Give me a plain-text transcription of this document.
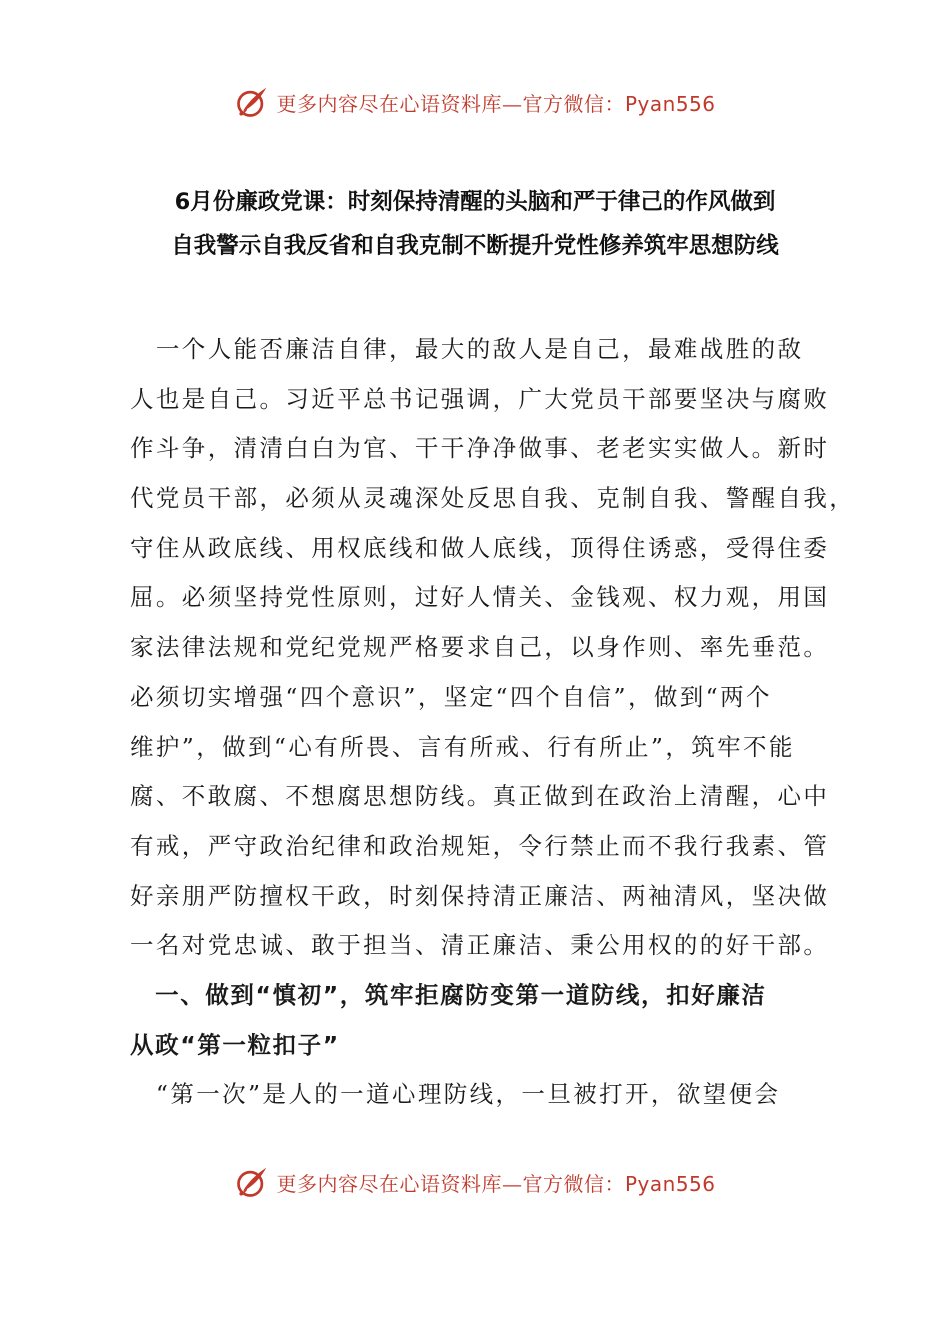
更多内容尽在心语资料库—官方微信：Pyan556
6月份廉政党课：时刻保持清醒的头脑和严于律己的作风做到
自我警示自我反省和自我克制不断提升党性修养筑牢思想防线
　一个人能否廉洁自律，最大的敌人是自己，最难战胜的敌
人也是自己。习近平总书记强调，广大党员干部要坚决与腐败
作斗争，清清白白为官、干干净净做事、老老实实做人。新时
代党员干部，必须从灵魂深处反思自我、克制自我、警醒自我，
守住从政底线、用权底线和做人底线，顶得住诱惑，受得住委
屈。必须坚持党性原则，过好人情关、金钱观、权力观，用国
家法律法规和党纪党规严格要求自己，以身作则、率先垂范。
必须切实增强“四个意识”，坚定“四个自信”，做到“两个
维护”，做到“心有所畏、言有所戒、行有所止”，筑牢不能
腐、不敢腐、不想腐思想防线。真正做到在政治上清醒，心中
有戒，严守政治纪律和政治规矩，令行禁止而不我行我素、管
好亲朋严防擅权干政，时刻保持清正廉洁、两袖清风，坚决做
一名对党忠诚、敢于担当、清正廉洁、秉公用权的的好干部。
　一、做到“慎初”，筑牢拒腐防变第一道防线，扣好廉洁
从政“第一粒扣子”
　“第一次”是人的一道心理防线，一旦被打开，欲望便会
更多内容尽在心语资料库—官方微信：Pyan556
